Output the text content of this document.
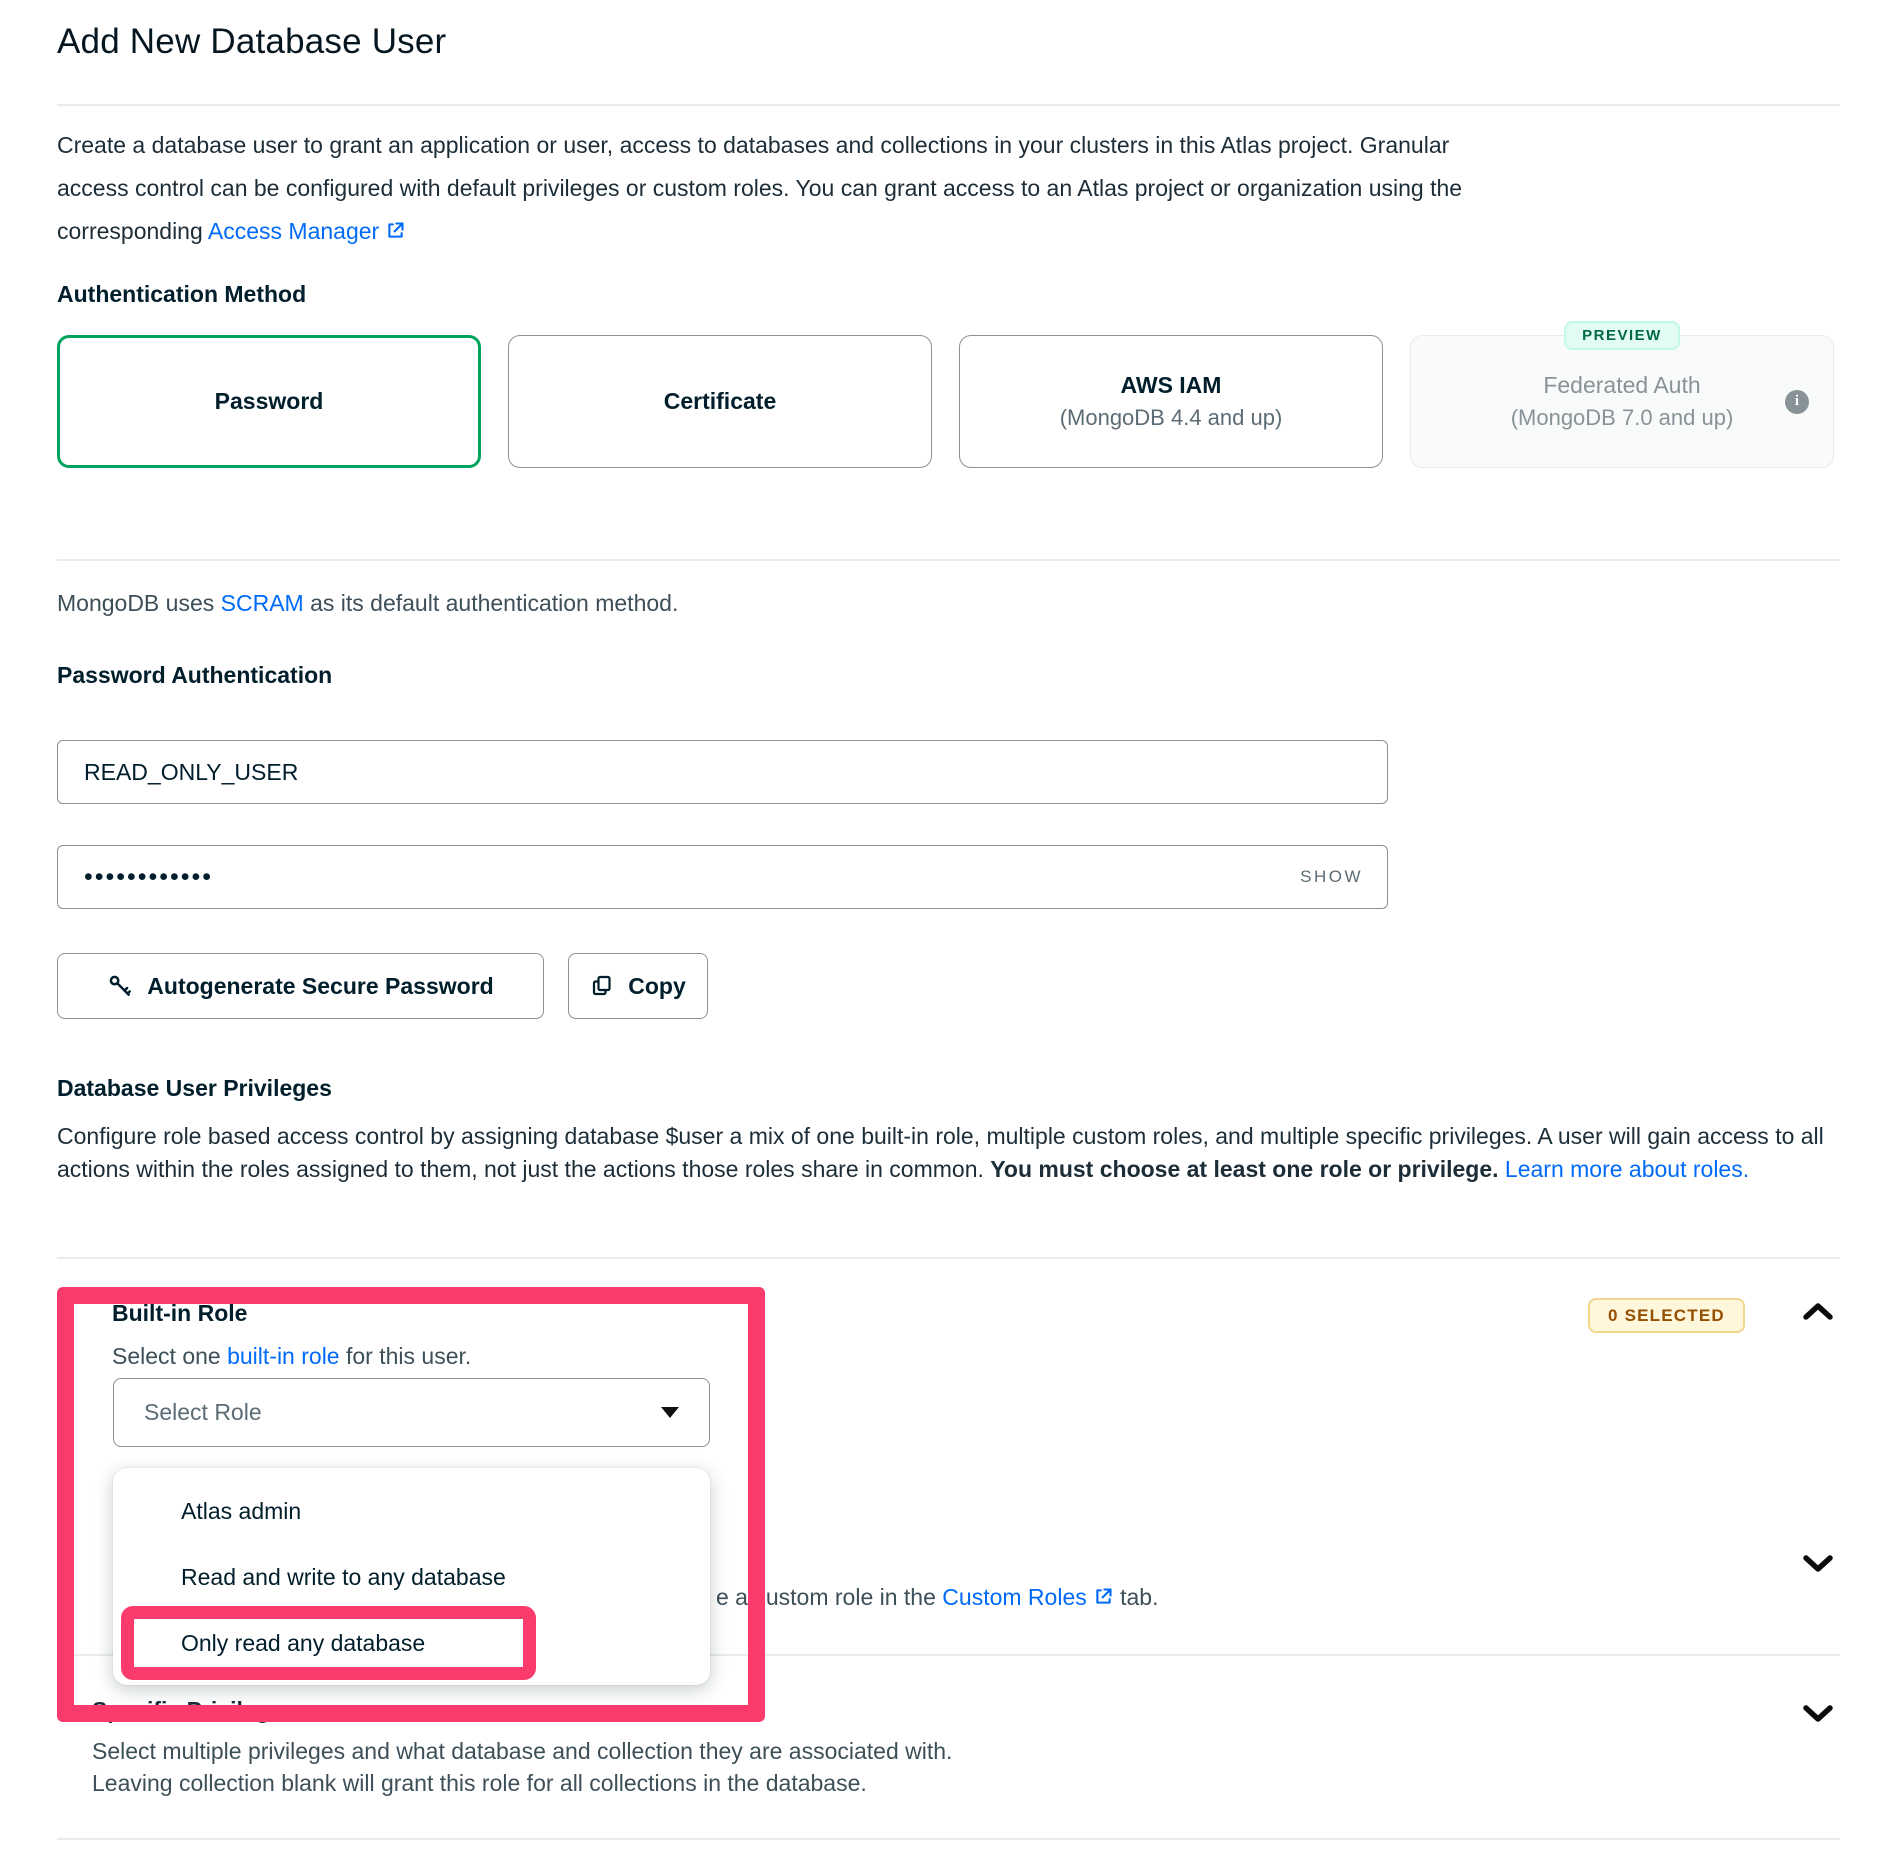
Add New Database User

Create a database user to grant an application or user, access to databases and collections in your clusters in this Atlas project. Granular access control can be configured with default privileges or custom roles. You can grant access to an Atlas project or organization using the corresponding Access Manager

Authentication Method
Password	Certificate
AWS IAM
(MongoDB 4.4 and up)
PREVIEW
Federated Auth
(MongoDB 7.0 and up)
i

MongoDB uses SCRAM as its default authentication method.

Password Authentication
READ_ONLY_USER
••••••••••••	SHOW
Autogenerate Secure Password	Copy
Database User Privileges

Configure role based access control by assigning database $user a mix of one built-in role, multiple custom roles, and multiple specific privileges. A user will gain access to all actions within the roles assigned to them, not just the actions those roles share in common. You must choose at least one role or privilege. Learn more about roles.

Built-in Role

Select one built-in role for this user.

Select Role
0 SELECTED

e a custom role in the Custom Roles
tab.

Specific Privileges

Select multiple privileges and what database and collection they are associated with.

Leaving collection blank will grant this role for all collections in the database.

Atlas admin
Read and write to any database
Only read any database
